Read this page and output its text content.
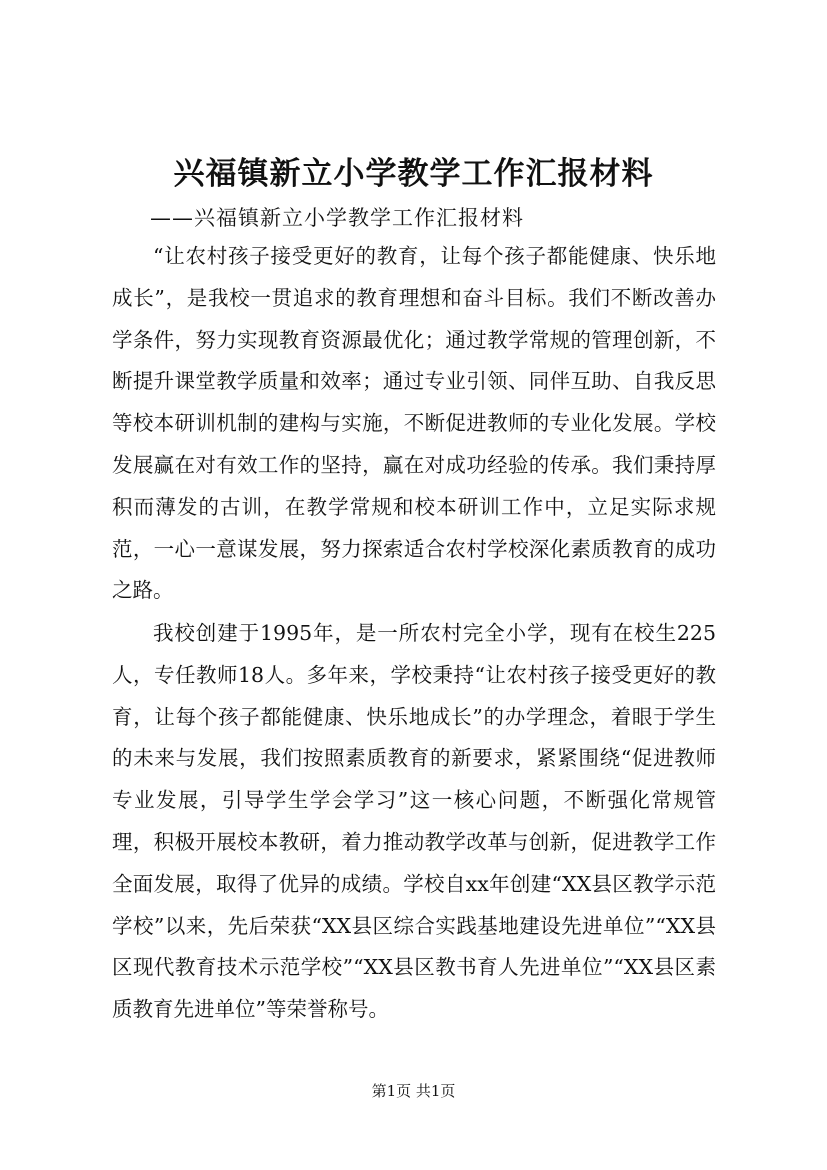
兴福镇新立小学教学工作汇报材料
——兴福镇新立小学教学工作汇报材料

“让农村孩子接受更好的教育，让每个孩子都能健康、快乐地成长”，是我校一贯追求的教育理想和奋斗目标。我们不断改善办学条件，努力实现教育资源最优化；通过教学常规的管理创新，不断提升课堂教学质量和效率；通过专业引领、同伴互助、自我反思等校本研训机制的建构与实施，不断促进教师的专业化发展。学校发展赢在对有效工作的坚持，赢在对成功经验的传承。我们秉持厚积而薄发的古训，在教学常规和校本研训工作中，立足实际求规范，一心一意谋发展，努力探索适合农村学校深化素质教育的成功之路。

我校创建于1995年，是一所农村完全小学，现有在校生225人，专任教师18人。多年来，学校秉持“让农村孩子接受更好的教育，让每个孩子都能健康、快乐地成长”的办学理念，着眼于学生的未来与发展，我们按照素质教育的新要求，紧紧围绕“促进教师专业发展，引导学生学会学习”这一核心问题，不断强化常规管理，积极开展校本教研，着力推动教学改革与创新，促进教学工作全面发展，取得了优异的成绩。学校自xx年创建“XX县区教学示范学校”以来，先后荣获“XX县区综合实践基地建设先进单位”“XX县区现代教育技术示范学校”“XX县区教书育人先进单位”“XX县区素质教育先进单位”等荣誉称号。

第1页 共1页
